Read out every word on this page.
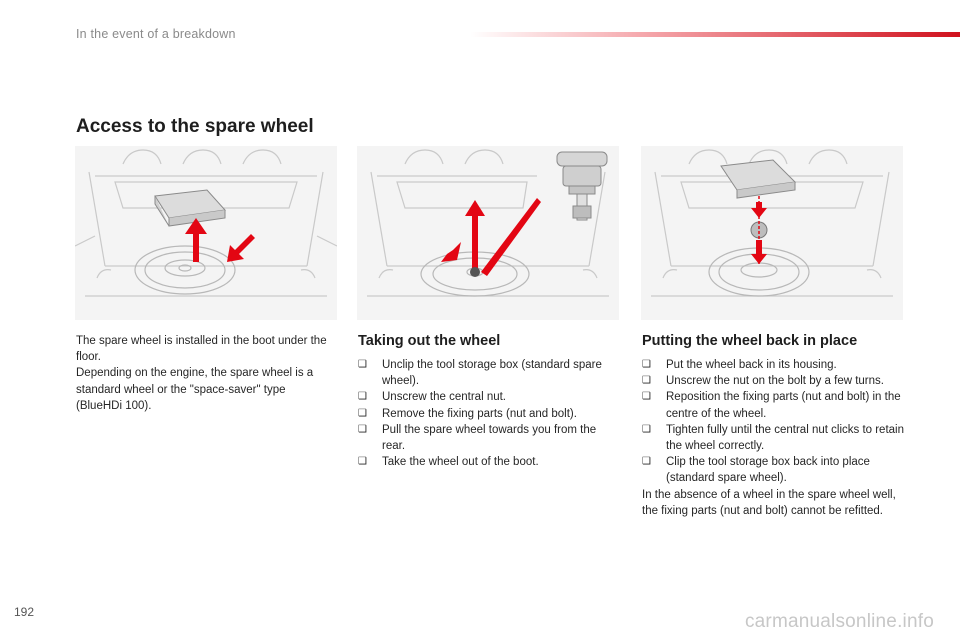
In the event of a breakdown
Access to the spare wheel
The spare wheel is installed in the boot under the floor.
Depending on the engine, the spare wheel is a standard wheel or the "space-saver" type (BlueHDi 100).
Taking out the wheel
❑ Unclip the tool storage box (standard spare wheel).
❑ Unscrew the central nut.
❑ Remove the fixing parts (nut and bolt).
❑ Pull the spare wheel towards you from the rear.
❑ Take the wheel out of the boot.
Putting the wheel back in place
❑ Put the wheel back in its housing.
❑ Unscrew the nut on the bolt by a few turns.
❑ Reposition the fixing parts (nut and bolt) in the centre of the wheel.
❑ Tighten fully until the central nut clicks to retain the wheel correctly.
❑ Clip the tool storage box back into place (standard spare wheel).
In the absence of a wheel in the spare wheel well, the fixing parts (nut and bolt) cannot be refitted.
192	carmanualsonline.info
